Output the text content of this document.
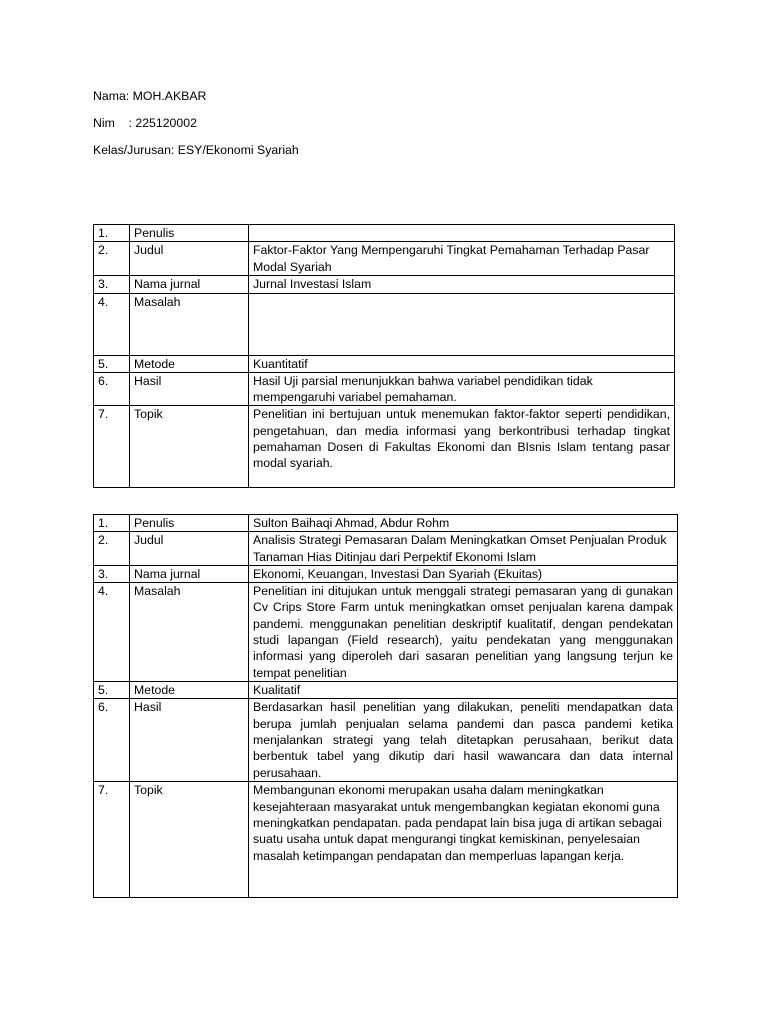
Nama: MOH.AKBAR
Nim    : 225120002
Kelas/Jurusan: ESY/Ekonomi Syariah
1.	Penulis	
2.	Judul	Faktor-Faktor Yang Mempengaruhi Tingkat Pemahaman Terhadap Pasar Modal Syariah
3.	Nama jurnal	Jurnal Investasi Islam
4.	Masalah	
5.	Metode	Kuantitatif
6.	Hasil	Hasil Uji parsial menunjukkan bahwa variabel pendidikan tidak mempengaruhi variabel pemahaman.
7.	Topik	Penelitian ini bertujuan untuk menemukan faktor-faktor seperti pendidikan, pengetahuan, dan media informasi yang berkontribusi terhadap tingkat pemahaman Dosen di Fakultas Ekonomi dan BIsnis Islam tentang pasar modal syariah.
1.	Penulis	Sulton Baihaqi Ahmad, Abdur Rohm
2.	Judul	Analisis Strategi Pemasaran Dalam Meningkatkan Omset Penjualan Produk Tanaman Hias Ditinjau dari Perpektif Ekonomi Islam
3.	Nama jurnal	Ekonomi, Keuangan, Investasi Dan Syariah (Ekuitas)
4.	Masalah	Penelitian ini ditujukan untuk menggali strategi pemasaran yang di gunakan Cv Crips Store Farm untuk meningkatkan omset penjualan karena dampak pandemi. menggunakan penelitian deskriptif kualitatif, dengan pendekatan studi lapangan (Field research), yaitu pendekatan yang menggunakan informasi yang diperoleh dari sasaran penelitian yang langsung terjun ke tempat penelitian
5.	Metode	Kualitatif
6.	Hasil	Berdasarkan hasil penelitian yang dilakukan, peneliti mendapatkan data berupa jumlah penjualan selama pandemi dan pasca pandemi ketika menjalankan strategi yang telah ditetapkan perusahaan, berikut data berbentuk tabel yang dikutip dari hasil wawancara dan data internal perusahaan.
7.	Topik	Membangunan ekonomi merupakan usaha dalam meningkatkan kesejahteraan masyarakat untuk mengembangkan kegiatan ekonomi guna meningkatkan pendapatan. pada pendapat lain bisa juga di artikan sebagai suatu usaha untuk dapat mengurangi tingkat kemiskinan, penyelesaian masalah ketimpangan pendapatan dan memperluas lapangan kerja.
